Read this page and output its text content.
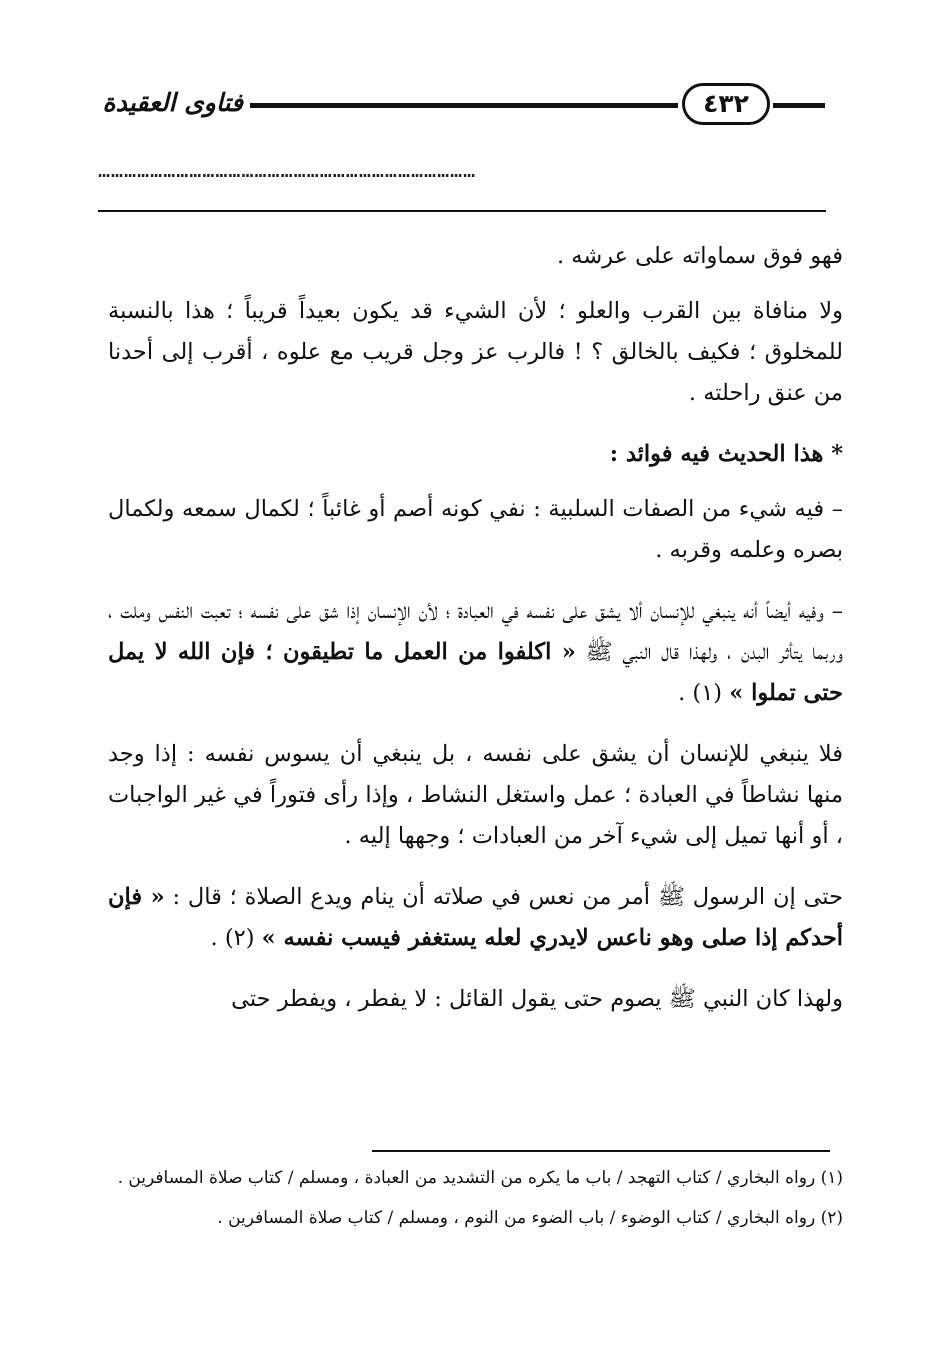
فتاوى العقيدة	٤٣٢
……………………………………………………………………………

فهو فوق سماواته على عرشه .

ولا منافاة بين القرب والعلو ؛ لأن الشيء قد يكون بعيداً قريباً ؛ هذا بالنسبة للمخلوق ؛ فكيف بالخالق ؟ ! فالرب عز وجل قريب مع علوه ، أقرب إلى أحدنا من عنق راحلته .

* هذا الحديث فيه فوائد :

– فيه شيء من الصفات السلبية : نفي كونه أصم أو غائباً ؛ لكمال سمعه ولكمال بصره وعلمه وقربه .

– وفيه أيضاً أنه ينبغي للإنسان ألا يشق على نفسه في العبادة ؛ لأن الإنسان إذا شق على نفسه ؛ تعبت النفس وملت ، وربما يتأثر البدن ، ولهذا قال النبي ﷺ « اكلفوا من العمل ما تطيقون ؛ فإن الله لا يمل حتى تملوا » (١) .

فلا ينبغي للإنسان أن يشق على نفسه ، بل ينبغي أن يسوس نفسه : إذا وجد منها نشاطاً في العبادة ؛ عمل واستغل النشاط ، وإذا رأى فتوراً في غير الواجبات ، أو أنها تميل إلى شيء آخر من العبادات ؛ وجهها إليه .

حتى إن الرسول ﷺ أمر من نعس في صلاته أن ينام ويدع الصلاة ؛ قال : « فإن أحدكم إذا صلى وهو ناعس لايدري لعله يستغفر فيسب نفسه » (٢) .

ولهذا كان النبي ﷺ يصوم حتى يقول القائل : لا يفطر ، ويفطر حتى

(١) رواه البخاري / كتاب التهجد / باب ما يكره من التشديد من العبادة ، ومسلم / كتاب صلاة المسافرين .

(٢) رواه البخاري / كتاب الوضوء / باب الضوء من النوم ، ومسلم / كتاب صلاة المسافرين .
